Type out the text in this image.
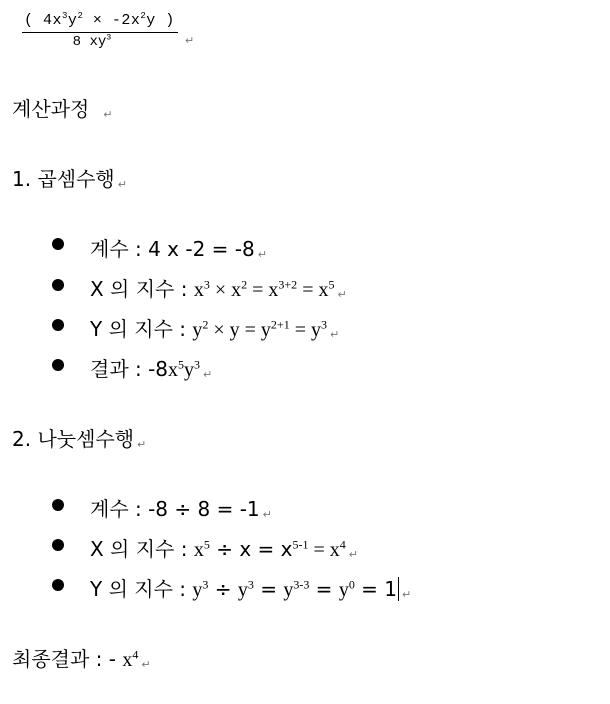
( $4x^3y^2 \times -2x^2y$ )
8 $xy^3$	↵
계산과정 ↵
1. 곱셈수행 ↵
계수 : 4 x -2 = -8 ↵
X 의 지수 : $x^3 \times x^2 = x^{3+2}$ = $x^5↵$
Y 의 지수 : $y^2 \times y = y^{2+1}$ = $y^3↵$
결과 : $-8x^5y^3↵$
2. 나눗셈수행 ↵
계수 : -8 ÷ 8 = -1 ↵
X 의 지수 : $x^5 \div x = x^{5-1}$ = $x^4↵$
Y 의 지수 : $y^3 \div y^3 = y^{3-3} = y^0 = 1$ ↵
최종결과 : - $x^4↵$
